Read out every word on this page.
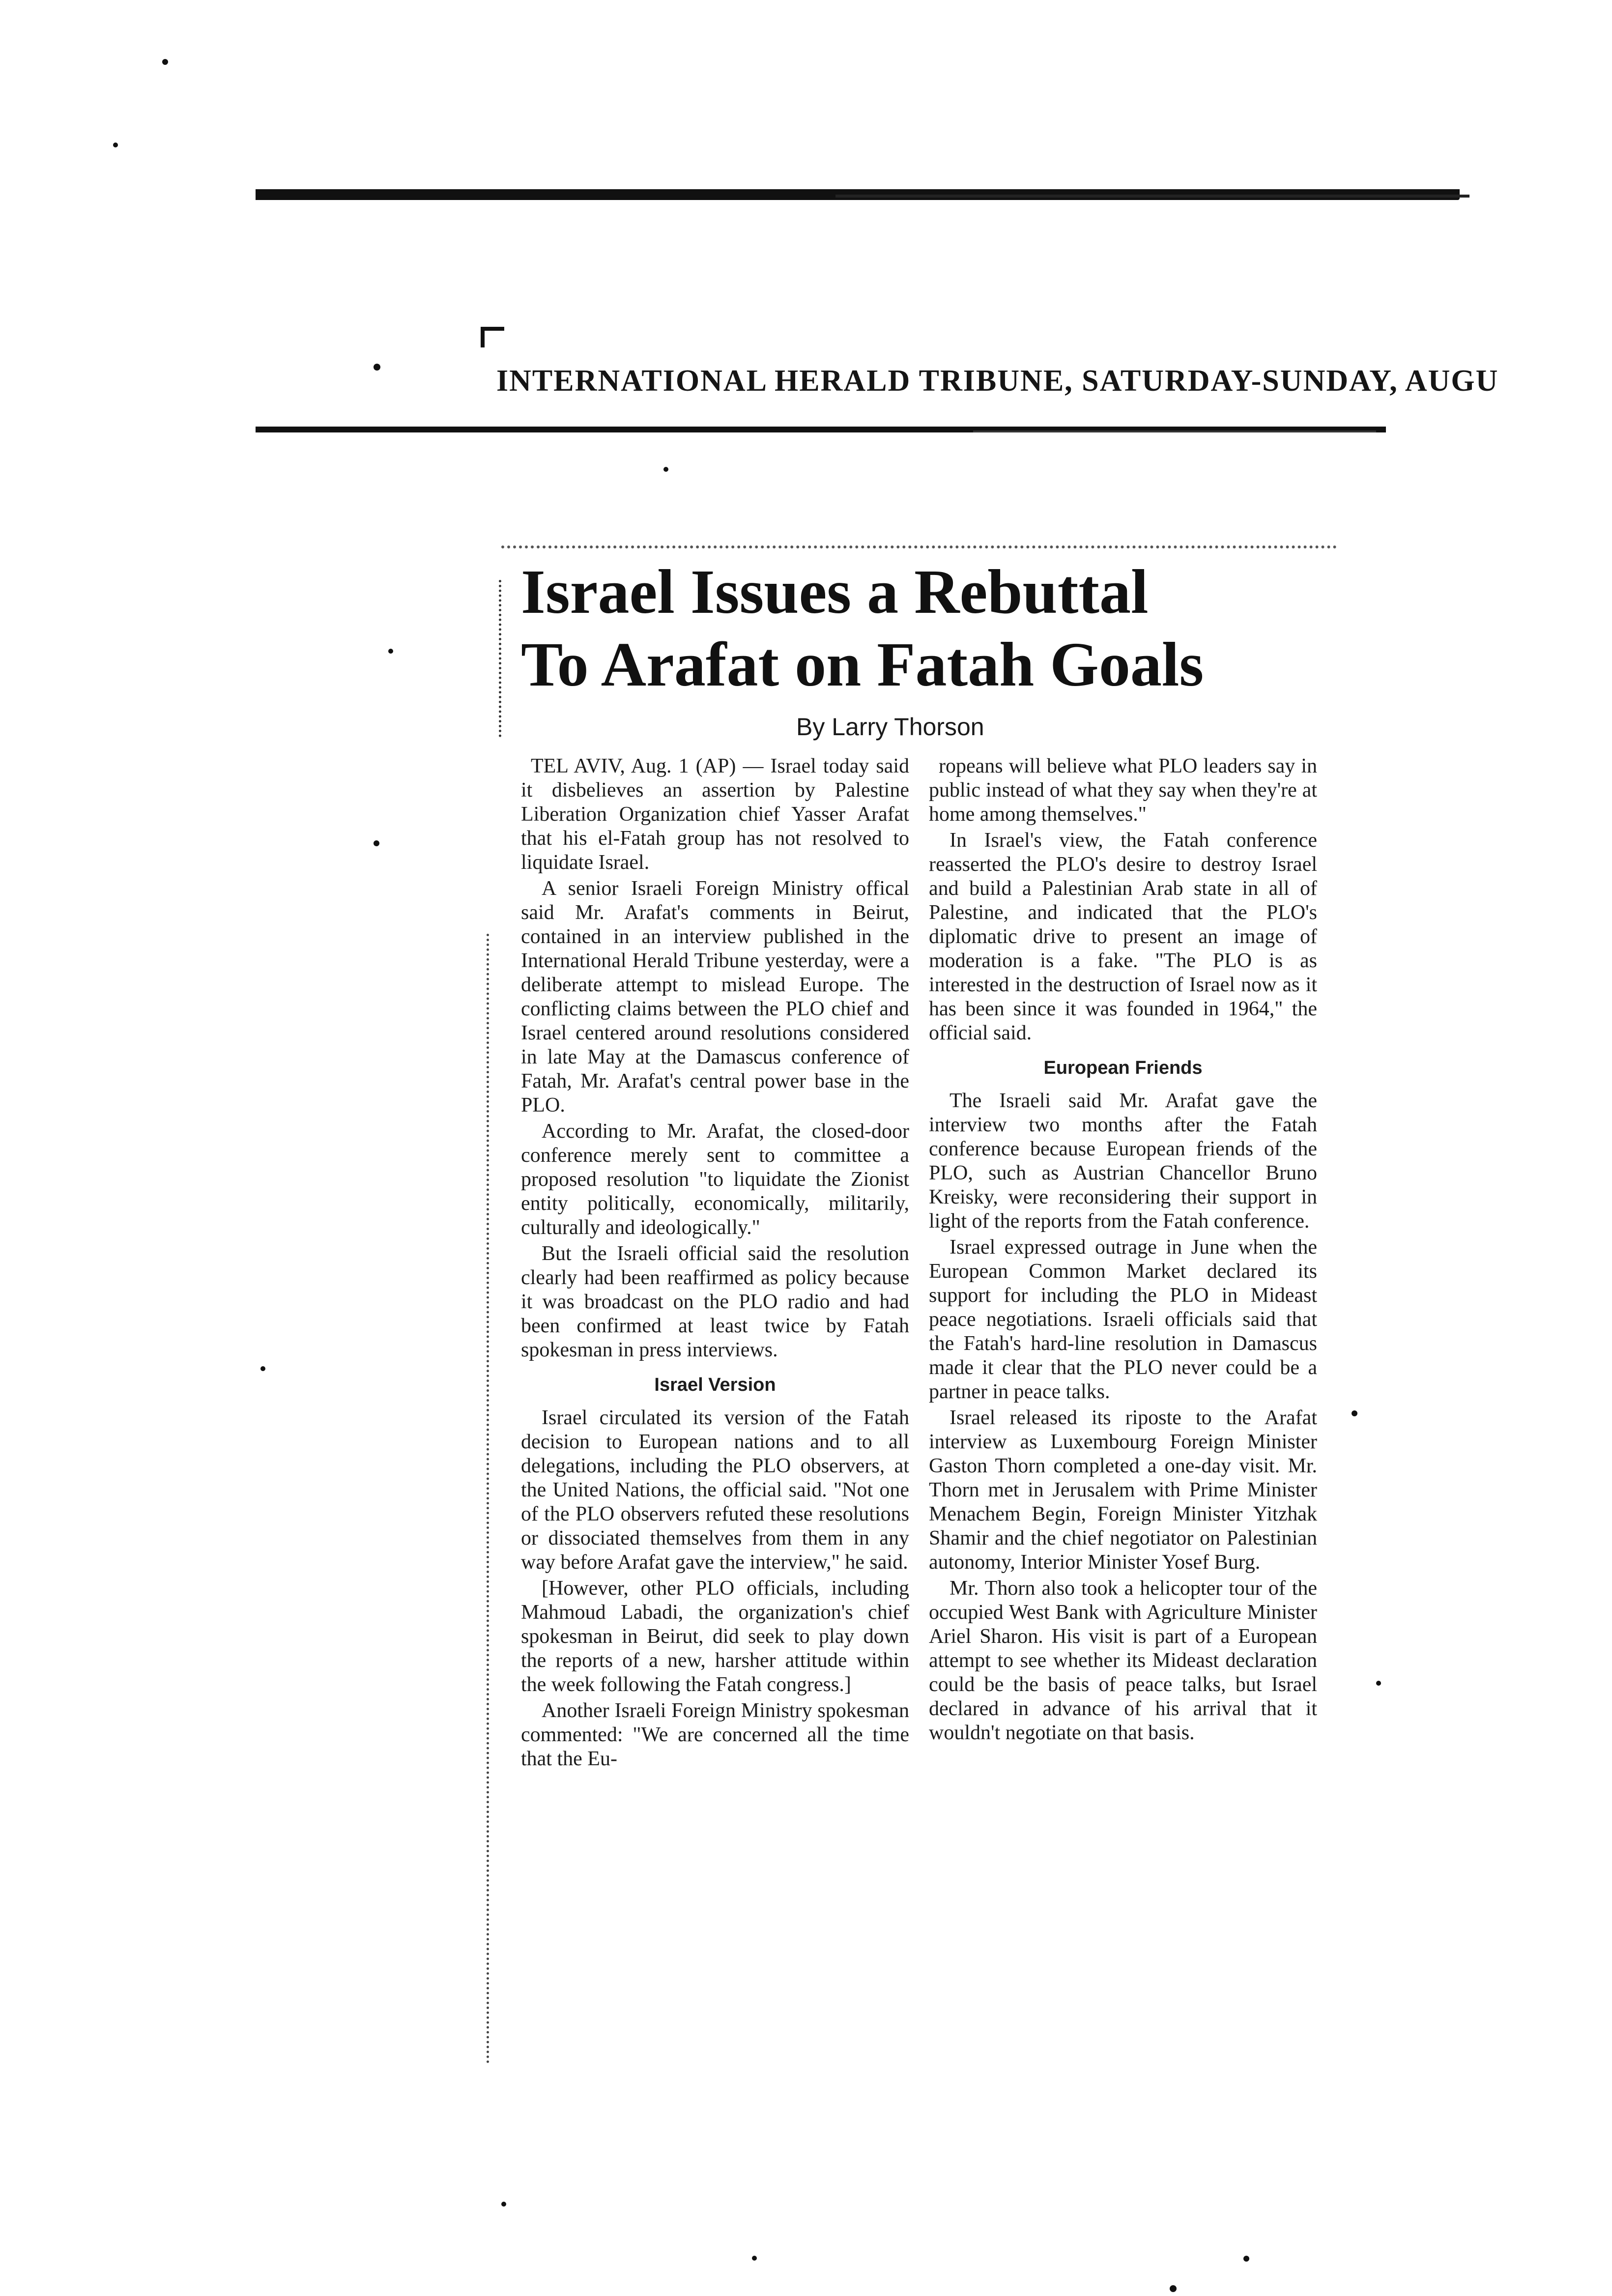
INTERNATIONAL HERALD TRIBUNE, SATURDAY-SUNDAY, AUGU
Israel Issues a Rebuttal
To Arafat on Fatah Goals
By Larry Thorson

TEL AVIV, Aug. 1 (AP) — Israel today said it disbelieves an assertion by Palestine Liberation Organization chief Yasser Arafat that his el-Fatah group has not resolved to liquidate Israel.

A senior Israeli Foreign Ministry offical said Mr. Arafat's comments in Beirut, contained in an interview published in the International Herald Tribune yesterday, were a deliberate attempt to mislead Europe. The conflicting claims between the PLO chief and Israel centered around resolutions considered in late May at the Damascus conference of Fatah, Mr. Arafat's central power base in the PLO.

According to Mr. Arafat, the closed-door conference merely sent to committee a proposed resolution "to liquidate the Zionist entity politically, economically, militarily, culturally and ideologically."

But the Israeli official said the resolution clearly had been reaffirmed as policy because it was broadcast on the PLO radio and had been confirmed at least twice by Fatah spokesman in press interviews.

Israel Version

Israel circulated its version of the Fatah decision to European nations and to all delegations, including the PLO observers, at the United Nations, the official said. "Not one of the PLO observers refuted these resolutions or dissociated themselves from them in any way before Arafat gave the interview," he said.

[However, other PLO officials, including Mahmoud Labadi, the organization's chief spokesman in Beirut, did seek to play down the reports of a new, harsher attitude within the week following the Fatah congress.]

Another Israeli Foreign Ministry spokesman commented: "We are concerned all the time that the Eu-

ropeans will believe what PLO leaders say in public instead of what they say when they're at home among themselves."

In Israel's view, the Fatah conference reasserted the PLO's desire to destroy Israel and build a Palestinian Arab state in all of Palestine, and indicated that the PLO's diplomatic drive to present an image of moderation is a fake. "The PLO is as interested in the destruction of Israel now as it has been since it was founded in 1964," the official said.

European Friends

The Israeli said Mr. Arafat gave the interview two months after the Fatah conference because European friends of the PLO, such as Austrian Chancellor Bruno Kreisky, were reconsidering their support in light of the reports from the Fatah conference.

Israel expressed outrage in June when the European Common Market declared its support for including the PLO in Mideast peace negotiations. Israeli officials said that the Fatah's hard-line resolution in Damascus made it clear that the PLO never could be a partner in peace talks.

Israel released its riposte to the Arafat interview as Luxembourg Foreign Minister Gaston Thorn completed a one-day visit. Mr. Thorn met in Jerusalem with Prime Minister Menachem Begin, Foreign Minister Yitzhak Shamir and the chief negotiator on Palestinian autonomy, Interior Minister Yosef Burg.

Mr. Thorn also took a helicopter tour of the occupied West Bank with Agriculture Minister Ariel Sharon. His visit is part of a European attempt to see whether its Mideast declaration could be the basis of peace talks, but Israel declared in advance of his arrival that it wouldn't negotiate on that basis.
